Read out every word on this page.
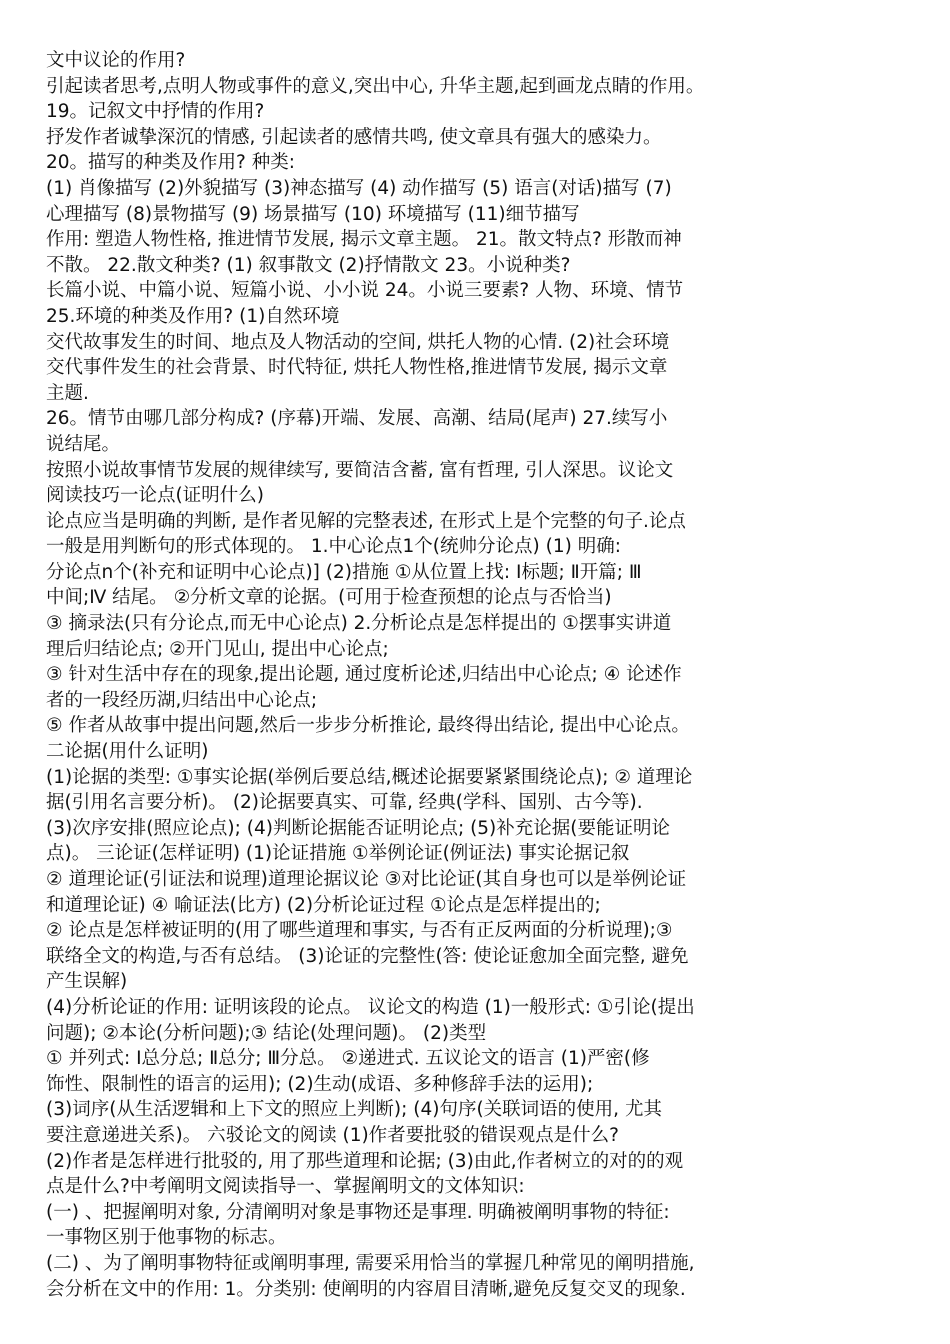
文中议论的作用?
引起读者思考,点明人物或事件的意义,突出中心, 升华主题,起到画龙点睛的作用。
19。记叙文中抒情的作用?
抒发作者诚挚深沉的情感, 引起读者的感情共鸣, 使文章具有强大的感染力。
20。描写的种类及作用? 种类:
(1) 肖像描写 (2)外貌描写 (3)神态描写 (4) 动作描写 (5) 语言(对话)描写 (7)
心理描写 (8)景物描写 (9) 场景描写 (10) 环境描写 (11)细节描写
作用: 塑造人物性格, 推进情节发展, 揭示文章主题。 21。散文特点? 形散而神
不散。 22.散文种类? (1) 叙事散文 (2)抒情散文 23。小说种类?
长篇小说、中篇小说、短篇小说、小小说 24。小说三要素? 人物、环境、情节
25.环境的种类及作用? (1)自然环境
交代故事发生的时间、地点及人物活动的空间, 烘托人物的心情. (2)社会环境
交代事件发生的社会背景、时代特征, 烘托人物性格,推进情节发展, 揭示文章
主题.
26。情节由哪几部分构成? (序幕)开端、发展、高潮、结局(尾声) 27.续写小
说结尾。
按照小说故事情节发展的规律续写, 要简洁含蓄, 富有哲理, 引人深思。议论文
阅读技巧一论点(证明什么)
论点应当是明确的判断, 是作者见解的完整表述, 在形式上是个完整的句子.论点
一般是用判断句的形式体现的。 1.中心论点1个(统帅分论点) (1) 明确:
分论点n个(补充和证明中心论点)] (2)措施 ①从位置上找: Ⅰ标题; Ⅱ开篇; Ⅲ
中间;Ⅳ 结尾。 ②分析文章的论据。(可用于检查预想的论点与否恰当)
③ 摘录法(只有分论点,而无中心论点) 2.分析论点是怎样提出的 ①摆事实讲道
理后归结论点; ②开门见山, 提出中心论点;
③ 针对生活中存在的现象,提出论题, 通过度析论述,归结出中心论点; ④ 论述作
者的一段经历湖,归结出中心论点;
⑤ 作者从故事中提出问题,然后一步步分析推论, 最终得出结论, 提出中心论点。
二论据(用什么证明)
(1)论据的类型: ①事实论据(举例后要总结,概述论据要紧紧围绕论点); ② 道理论
据(引用名言要分析)。 (2)论据要真实、可靠, 经典(学科、国别、古今等).
(3)次序安排(照应论点); (4)判断论据能否证明论点; (5)补充论据(要能证明论
点)。 三论证(怎样证明) (1)论证措施 ①举例论证(例证法) 事实论据记叙
② 道理论证(引证法和说理)道理论据议论 ③对比论证(其自身也可以是举例论证
和道理论证) ④ 喻证法(比方) (2)分析论证过程 ①论点是怎样提出的;
② 论点是怎样被证明的(用了哪些道理和事实, 与否有正反两面的分析说理);③
联络全文的构造,与否有总结。 (3)论证的完整性(答: 使论证愈加全面完整, 避免
产生误解)
(4)分析论证的作用: 证明该段的论点。 议论文的构造 (1)一般形式: ①引论(提出
问题); ②本论(分析问题);③ 结论(处理问题)。 (2)类型
① 并列式: Ⅰ总分总; Ⅱ总分; Ⅲ分总。 ②递进式. 五议论文的语言 (1)严密(修
饰性、限制性的语言的运用); (2)生动(成语、多种修辞手法的运用);
(3)词序(从生活逻辑和上下文的照应上判断); (4)句序(关联词语的使用, 尤其
要注意递进关系)。 六驳论文的阅读 (1)作者要批驳的错误观点是什么?
(2)作者是怎样进行批驳的, 用了那些道理和论据; (3)由此,作者树立的对的的观
点是什么?中考阐明文阅读指导一、掌握阐明文的文体知识:
(一) 、把握阐明对象, 分清阐明对象是事物还是事理. 明确被阐明事物的特征:
一事物区别于他事物的标志。
(二) 、为了阐明事物特征或阐明事理, 需要采用恰当的掌握几种常见的阐明措施,
会分析在文中的作用: 1。分类别: 使阐明的内容眉目清晰,避免反复交叉的现象.
